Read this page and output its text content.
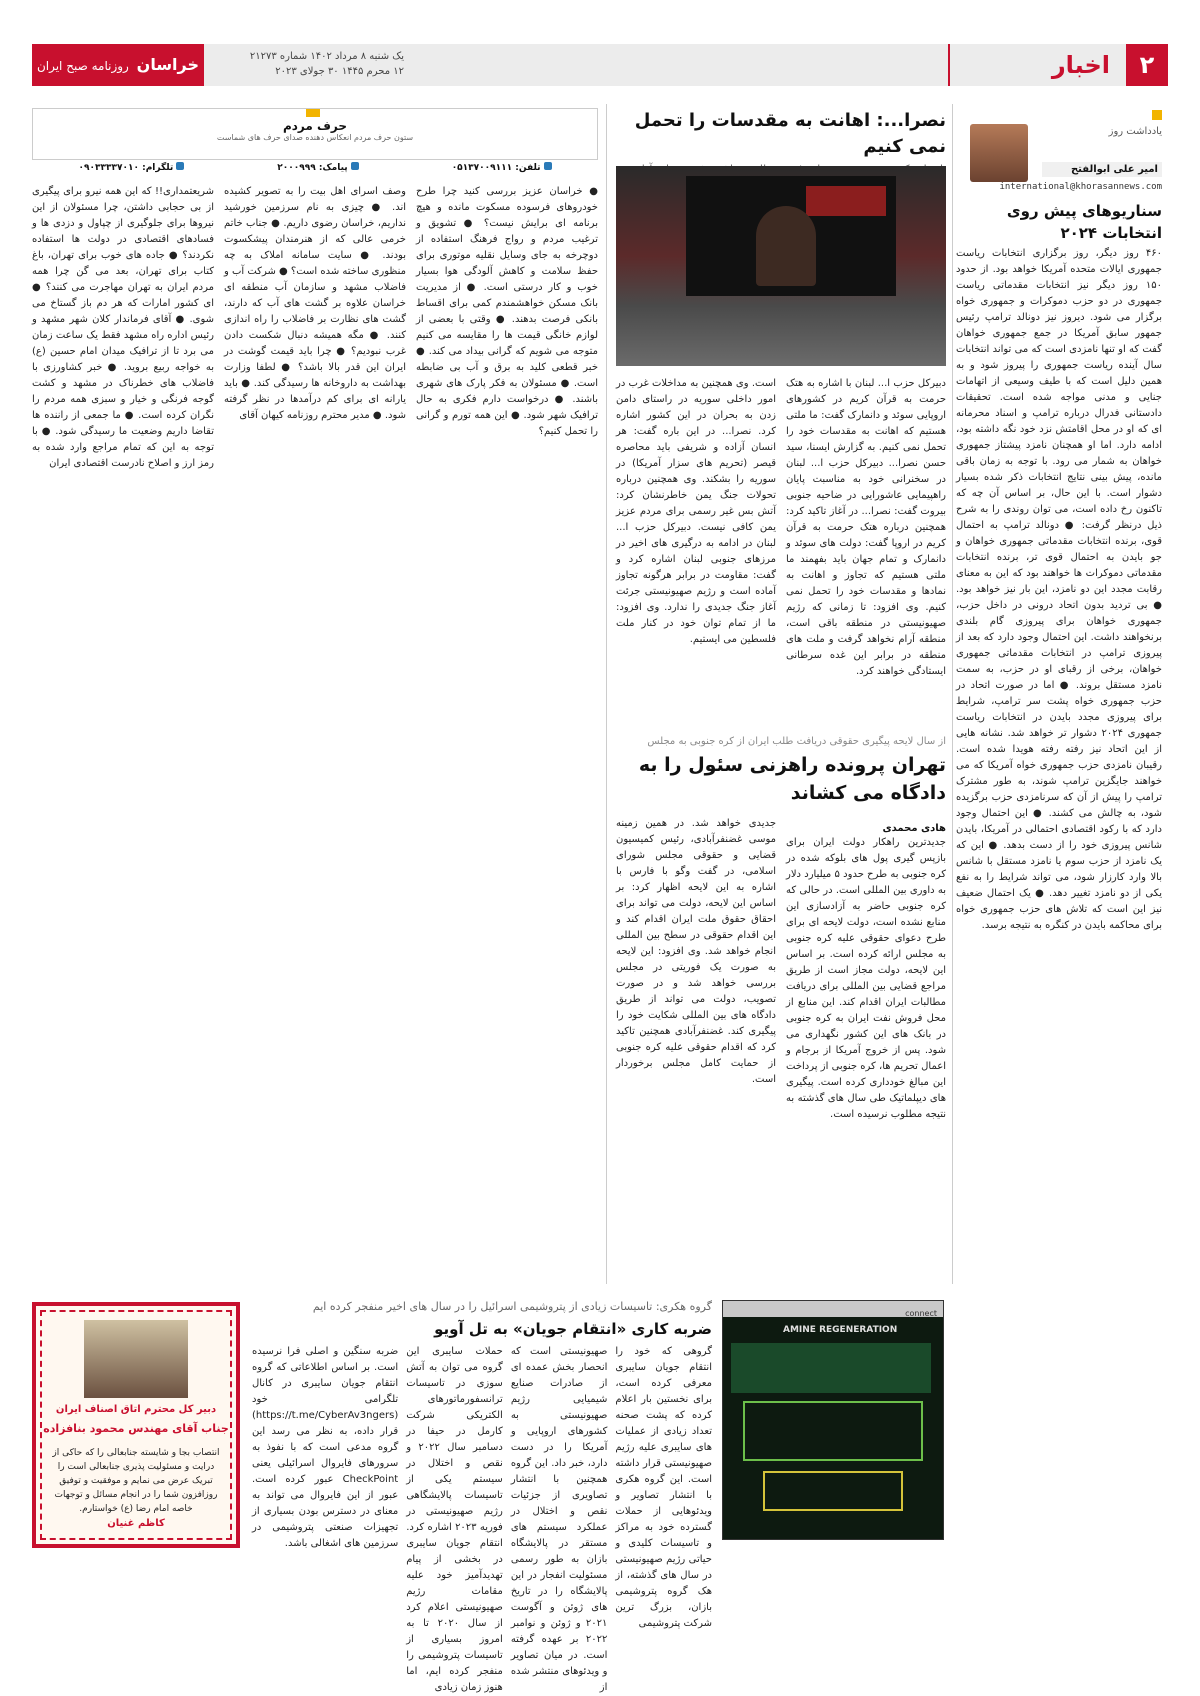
۲
اخبار
یک شنبه ۸ مرداد ۱۴۰۲ شماره ۲۱۲۷۳
۱۲ محرم ۱۴۴۵ ۳۰ جولای ۲۰۲۳
خراسان روزنامه صبح ایران
یادداشت روز
امیر علی ابوالفتح
international@khorasannews.com
سناریوهای پیش روی انتخابات ۲۰۲۴

۴۶۰ روز دیگر، روز برگزاری انتخابات ریاست جمهوری ایالات متحده آمریکا خواهد بود. از حدود ۱۵۰ روز دیگر نیز انتخابات مقدماتی ریاست جمهوری در دو حزب دموکرات و جمهوری خواه برگزار می شود. دیروز نیز دونالد ترامپ رئیس جمهور سابق آمریکا در جمع جمهوری خواهان گفت که او تنها نامزدی است که می تواند انتخابات سال آینده ریاست جمهوری را پیروز شود و به همین دلیل است که با طیف وسیعی از اتهامات جنایی و مدنی مواجه شده است. تحقیقات دادستانی فدرال درباره ترامپ و اسناد محرمانه ای که او در محل اقامتش نزد خود نگه داشته بود، ادامه دارد. اما او همچنان نامزد پیشتاز جمهوری خواهان به شمار می رود. با توجه به زمان باقی مانده، پیش بینی نتایج انتخابات ذکر شده بسیار دشوار است. با این حال، بر اساس آن چه که تاکنون رخ داده است، می توان روندی را به شرح ذیل درنظر گرفت: ● دونالد ترامپ به احتمال قوی، برنده انتخابات مقدماتی جمهوری خواهان و جو بایدن به احتمال قوی تر، برنده انتخابات مقدماتی دموکرات ها خواهند بود که این به معنای رقابت مجدد این دو نامزد، این بار نیز خواهد بود. ● بی تردید بدون اتحاد درونی در داخل حزب، جمهوری خواهان برای پیروزی گام بلندی برنخواهند داشت. این احتمال وجود دارد که بعد از پیروزی ترامپ در انتخابات مقدماتی جمهوری خواهان، برخی از رقبای او در حزب، به سمت نامزد مستقل بروند. ● اما در صورت اتحاد در حزب جمهوری خواه پشت سر ترامپ، شرایط برای پیروزی مجدد بایدن در انتخابات ریاست جمهوری ۲۰۲۴ دشوار تر خواهد شد. نشانه هایی از این اتحاد نیز رفته رفته هویدا شده است. رقیبان نامزدی حزب جمهوری خواه آمریکا که می خواهند جایگزین ترامپ شوند، به طور مشترک ترامپ را پیش از آن که سرنامزدی حزب برگزیده شود، به چالش می کشند. ● این احتمال وجود دارد که با رکود اقتصادی احتمالی در آمریکا، بایدن شانس پیروزی خود را از دست بدهد. ● این که یک نامزد از حزب سوم یا نامزد مستقل با شانس بالا وارد کارزار شود، می تواند شرایط را به نفع یکی از دو نامزد تغییر دهد. ● یک احتمال ضعیف نیز این است که تلاش های حزب جمهوری خواه برای محاکمه بایدن در کنگره به نتیجه برسد.

نصرا...: اهانت به مقدسات را تحمل نمی کنیم

دبیرکل حزب ا... لبنان با اشاره به هتک حرمت به قرآن کریم در کشورهای اروپایی سوئد و دانمارک گفت: ما ملتی هستیم که اهانت به مقدسات خود را تحمل نمی کنیم. به گزارش ایسنا، سید حسن نصرا... دبیرکل حزب ا... لبنان در سخنرانی خود به مناسبت پایان راهپیمایی عاشورایی در ضاحیه جنوبی بیروت گفت: نصرا... در آغاز تاکید کرد: همچنین درباره هتک حرمت به قرآن کریم در اروپا گفت: دولت های سوئد و دانمارک و تمام جهان باید بفهمند ما ملتی هستیم که تجاوز و اهانت به نمادها و مقدسات خود را تحمل نمی کنیم. وی افزود: تا زمانی که رژیم صهیونیستی در منطقه باقی است، منطقه آرام نخواهد گرفت و ملت های منطقه در برابر این غده سرطانی ایستادگی خواهند کرد.

است. وی همچنین به مداخلات غرب در امور داخلی سوریه در راستای دامن زدن به بحران در این کشور اشاره کرد. نصرا... در این باره گفت: هر انسان آزاده و شریفی باید محاصره قیصر (تحریم های سزار آمریکا) در سوریه را بشکند. وی همچنین درباره تحولات جنگ یمن خاطرنشان کرد: آتش بس غیر رسمی برای مردم عزیز یمن کافی نیست. دبیرکل حزب ا... لبنان در ادامه به درگیری های اخیر در مرزهای جنوبی لبنان اشاره کرد و گفت: مقاومت در برابر هرگونه تجاوز آماده است و رژیم صهیونیستی جرئت آغاز جنگ جدیدی را ندارد. وی افزود: ما از تمام توان خود در کنار ملت فلسطین می ایستیم.

از سال لایحه پیگیری حقوقی دریافت طلب ایران از کره جنوبی به مجلس
تهران پرونده راهزنی سئول را به دادگاه می کشاند
هادی محمدی

جدیدترین راهکار دولت ایران برای بازپس گیری پول های بلوکه شده در کره جنوبی به طرح حدود ۵ میلیارد دلار به داوری بین المللی است. در حالی که کره جنوبی حاضر به آزادسازی این منابع نشده است، دولت لایحه ای برای طرح دعوای حقوقی علیه کره جنوبی به مجلس ارائه کرده است. بر اساس این لایحه، دولت مجاز است از طریق مراجع قضایی بین المللی برای دریافت مطالبات ایران اقدام کند. این منابع از محل فروش نفت ایران به کره جنوبی در بانک های این کشور نگهداری می شود. پس از خروج آمریکا از برجام و اعمال تحریم ها، کره جنوبی از پرداخت این مبالغ خودداری کرده است. پیگیری های دیپلماتیک طی سال های گذشته به نتیجه مطلوب نرسیده است.

جدیدی خواهد شد. در همین زمینه موسی غضنفرآبادی، رئیس کمیسیون قضایی و حقوقی مجلس شورای اسلامی، در گفت وگو با فارس با اشاره به این لایحه اظهار کرد: بر اساس این لایحه، دولت می تواند برای احقاق حقوق ملت ایران اقدام کند و این اقدام حقوقی در سطح بین المللی انجام خواهد شد. وی افزود: این لایحه به صورت یک فوریتی در مجلس بررسی خواهد شد و در صورت تصویب، دولت می تواند از طریق دادگاه های بین المللی شکایت خود را پیگیری کند. غضنفرآبادی همچنین تاکید کرد که اقدام حقوقی علیه کره جنوبی از حمایت کامل مجلس برخوردار است.

حرف مردم
ستون حرف مردم انعکاس دهنده صدای حرف های شماست
تلفن: ۰۵۱۳۷۰۰۹۱۱۱
پیامک: ۲۰۰۰۹۹۹
تلگرام: ۰۹۰۳۳۳۳۷۰۱۰

● خراسان عزیز بررسی کنید چرا طرح خودروهای فرسوده مسکوت مانده و هیچ برنامه ای برایش نیست؟ ● تشویق و ترغیب مردم و رواج فرهنگ استفاده از دوچرخه به جای وسایل نقلیه موتوری برای حفظ سلامت و کاهش آلودگی هوا بسیار خوب و کار درستی است. ● از مدیریت بانک مسکن خواهشمندم کمی برای اقساط بانکی فرصت بدهند. ● وقتی با بعضی از لوازم خانگی قیمت ها را مقایسه می کنیم متوجه می شویم که گرانی بیداد می کند. ● خبر قطعی کلید به برق و آب بی ضابطه است. ● مسئولان به فکر پارک های شهری باشند. ● درخواست دارم فکری به حال ترافیک شهر شود. ● این همه تورم و گرانی را تحمل کنیم؟

وصف اسرای اهل بیت را به تصویر کشیده اند. ● چیزی به نام سرزمین خورشید نداریم، خراسان رضوی داریم. ● جناب خاتم خرمی عالی که از هنرمندان پیشکسوت بودند. ● سایت سامانه املاک به چه منظوری ساخته شده است؟ ● شرکت آب و فاضلاب مشهد و سازمان آب منطقه ای خراسان علاوه بر گشت های آب که دارند، گشت های نظارت بر فاضلاب را راه اندازی کنند. ● مگه همیشه دنبال شکست دادن غرب نبودیم؟ ● چرا باید قیمت گوشت در ایران این قدر بالا باشد؟ ● لطفا وزارت بهداشت به داروخانه ها رسیدگی کند. ● باید یارانه ای برای کم درآمدها در نظر گرفته شود. ● مدیر محترم روزنامه کیهان آقای

شریعتمداری!! که این همه نیرو برای پیگیری از بی حجابی داشتن، چرا مسئولان از این نیروها برای جلوگیری از چپاول و دزدی ها و فسادهای اقتصادی در دولت ها استفاده نکردند؟ ● جاده های خوب برای تهران، باغ کتاب برای تهران، بعد می گن چرا همه مردم ایران به تهران مهاجرت می کنند؟ ● ای کشور امارات که هر دم باز گستاخ می شوی. ● آقای فرماندار کلان شهر مشهد و رئیس اداره راه مشهد فقط یک ساعت زمان می برد تا از ترافیک میدان امام حسین (ع) به خواجه ربیع بروید. ● خبر کشاورزی با فاضلاب های خطرناک در مشهد و کشت گوجه فرنگی و خیار و سبزی همه مردم را نگران کرده است. ● ما جمعی از راننده ها تقاضا داریم وضعیت ما رسیدگی شود. ● با توجه به این که تمام مراجع وارد شده به رمز ارز و اصلاح نادرست اقتصادی ایران

connect
AMINE REGENERATION
گروه هکری: تاسیسات زیادی از پتروشیمی اسرائیل را در سال های اخیر منفجر کرده ایم
ضربه کاری «انتقام جویان» به تل آویو

گروهی که خود را انتقام جویان سایبری معرفی کرده است، برای نخستین بار اعلام کرده که پشت صحنه تعداد زیادی از عملیات های سایبری علیه رژیم صهیونیستی قرار داشته است. این گروه هکری با انتشار تصاویر و ویدئوهایی از حملات گسترده خود به مراکز و تاسیسات کلیدی و حیاتی رژیم صهیونیستی در سال های گذشته، از هک گروه پتروشیمی بازان، بزرگ ترین شرکت پتروشیمی

صهیونیستی است که انحصار بخش عمده ای از صادرات صنایع شیمیایی رژیم صهیونیستی به کشورهای اروپایی و آمریکا را در دست دارد، خبر داد. این گروه همچنین با انتشار تصاویری از جزئیات نقص و اختلال در عملکرد سیستم های مستقر در پالایشگاه بازان به طور رسمی مسئولیت انفجار در این پالایشگاه را در تاریخ های ژوئن و آگوست ۲۰۲۱ و ژوئن و نوامبر ۲۰۲۲ بر عهده گرفته است. در میان تصاویر و ویدئوهای منتشر شده از

حملات سایبری این گروه می توان به آتش سوزی در تاسیسات ترانسفورماتورهای الکتریکی شرکت کارمل در حیفا در دسامبر سال ۲۰۲۲ و نقص و اختلال در سیستم یکی از تاسیسات پالایشگاهی رژیم صهیونیستی در فوریه ۲۰۲۳ اشاره کرد. انتقام جویان سایبری در بخشی از پیام تهدیدآمیز خود علیه مقامات رژیم صهیونیستی اعلام کرد از سال ۲۰۲۰ تا به امروز بسیاری از تاسیسات پتروشیمی را منفجر کرده ایم، اما هنوز زمان زیادی

ضربه سنگین و اصلی فرا نرسیده است. بر اساس اطلاعاتی که گروه انتقام جویان سایبری در کانال تلگرامی خود (https://t.me/CyberAv3ngers) قرار داده، به نظر می رسد این گروه مدعی است که با نفوذ به سرورهای فایروال اسرائیلی یعنی CheckPoint عبور کرده است. عبور از این فایروال می تواند به معنای در دسترس بودن بسیاری از تجهیزات صنعتی پتروشیمی در سرزمین های اشغالی باشد.

دبیر کل محترم اتاق اصناف ایران
جناب آقای مهندس محمود بنافزاده
انتصاب بجا و شایسته جنابعالی را که حاکی از درایت و مسئولیت پذیری جنابعالی است را تبریک عرض می نمایم و موفقیت و توفیق روزافزون شما را در انجام مسائل و توجهات خاصه امام رضا (ع) خواستارم.
کاظم غنیان
